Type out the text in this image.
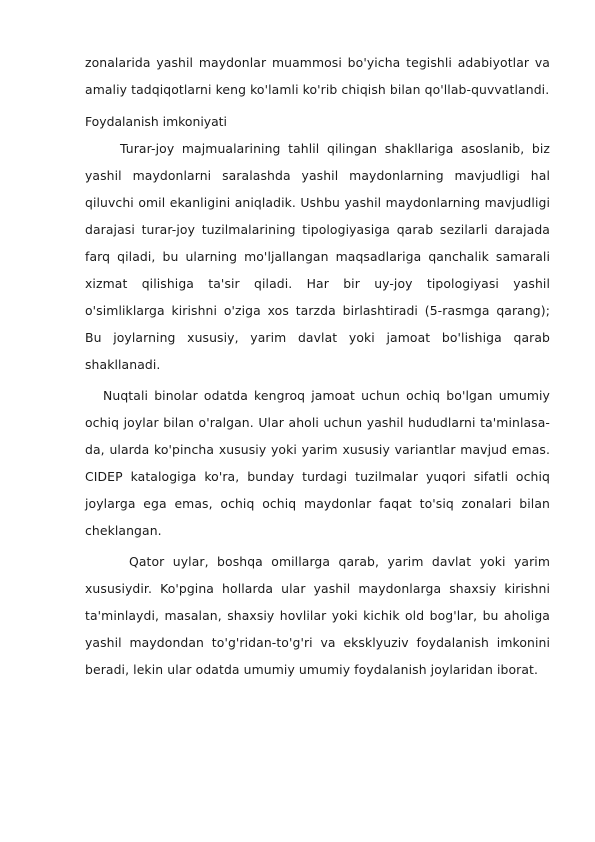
zonalarida yashil maydonlar muammosi bo'yicha tegishli adabiyotlar va amaliy tadqiqotlarni keng ko'lamli ko'rib chiqish bilan qo'llab-quvvatlandi.

Foydalanish imkoniyati

Turar-joy majmualarining tahlil qilingan shakllariga asoslanib, biz yashil maydonlarni saralashda yashil maydonlarning mavjudligi hal qiluvchi omil ekanligini aniqladik. Ushbu yashil maydonlarning mavjudligi darajasi turar-joy tuzilmalarining tipologiyasiga qarab sezilarli darajada farq qiladi, bu ularning mo'ljallangan maqsadlariga qanchalik samarali xizmat qilishiga ta'sir qiladi. Har bir uy-joy tipologiyasi yashil o'simliklarga kirishni o'ziga xos tarzda birlashtiradi (5-rasmga qarang); Bu joylarning xususiy, yarim davlat yoki jamoat bo'lishiga qarab shakllanadi.

Nuqtali binolar odatda kengroq jamoat uchun ochiq bo'lgan umumiy ochiq joylar bilan o'ralgan. Ular aholi uchun yashil hududlarni ta'minlasa-da, ularda ko'pincha xususiy yoki yarim xususiy variantlar mavjud emas. CIDEP katalogiga ko'ra, bunday turdagi tuzilmalar yuqori sifatli ochiq joylarga ega emas, ochiq ochiq maydonlar faqat to'siq zonalari bilan cheklangan.

Qator uylar, boshqa omillarga qarab, yarim davlat yoki yarim xususiydir. Ko'pgina hollarda ular yashil maydonlarga shaxsiy kirishni ta'minlaydi, masalan, shaxsiy hovlilar yoki kichik old bog'lar, bu aholiga yashil maydondan to'g'ridan-to'g'ri va eksklyuziv foydalanish imkonini beradi, lekin ular odatda umumiy umumiy foydalanish joylaridan iborat.
